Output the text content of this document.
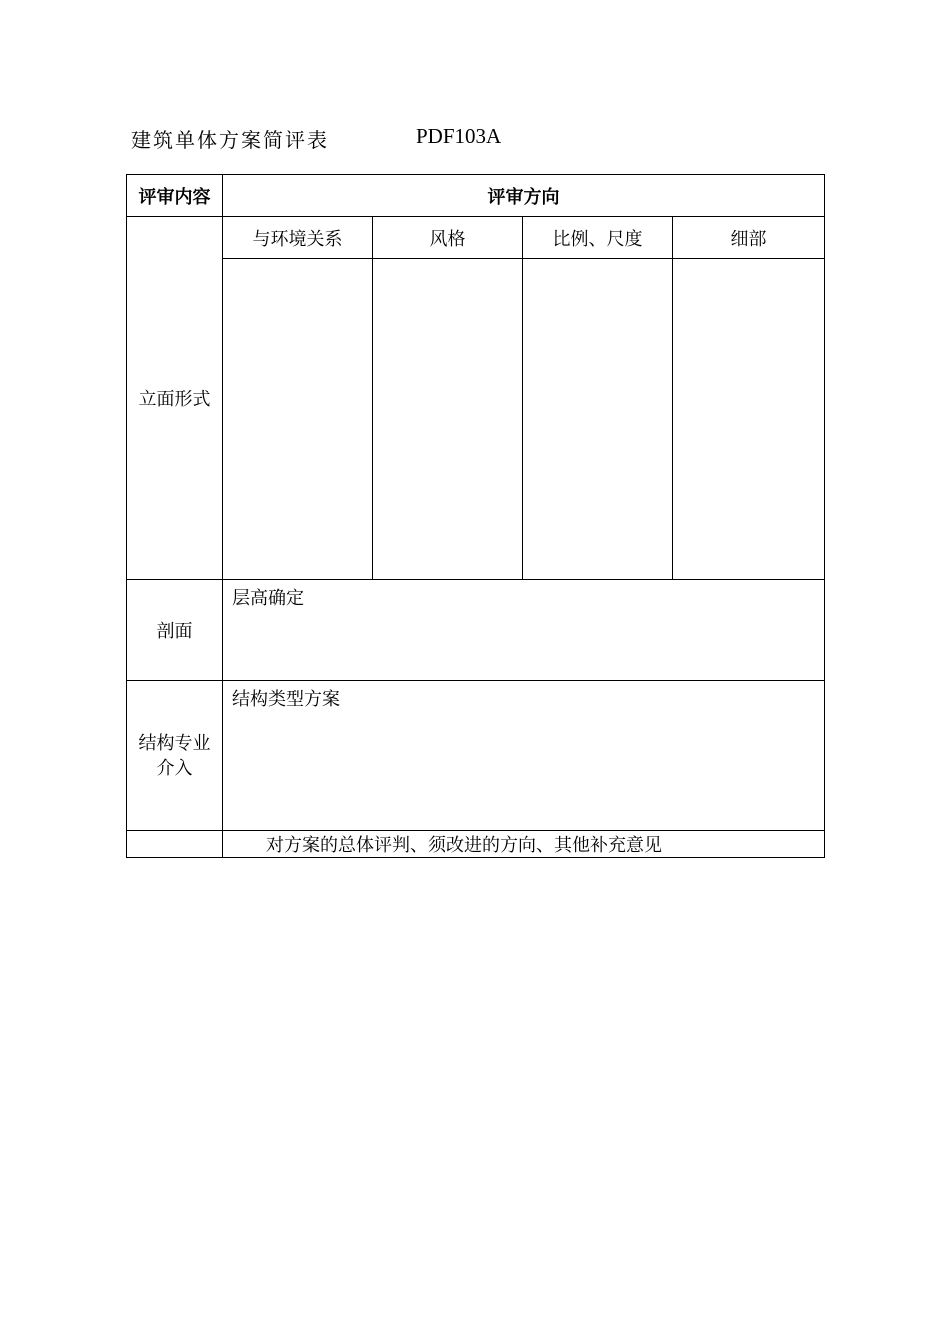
建筑单体方案简评表	PDF103A
评审内容	评审方向			
立面形式	与环境关系	风格	比例、尺度	细部

剖面	层高确定			

结构专业
介入	结构类型方案			
	对方案的总体评判、须改进的方向、其他补充意见			
